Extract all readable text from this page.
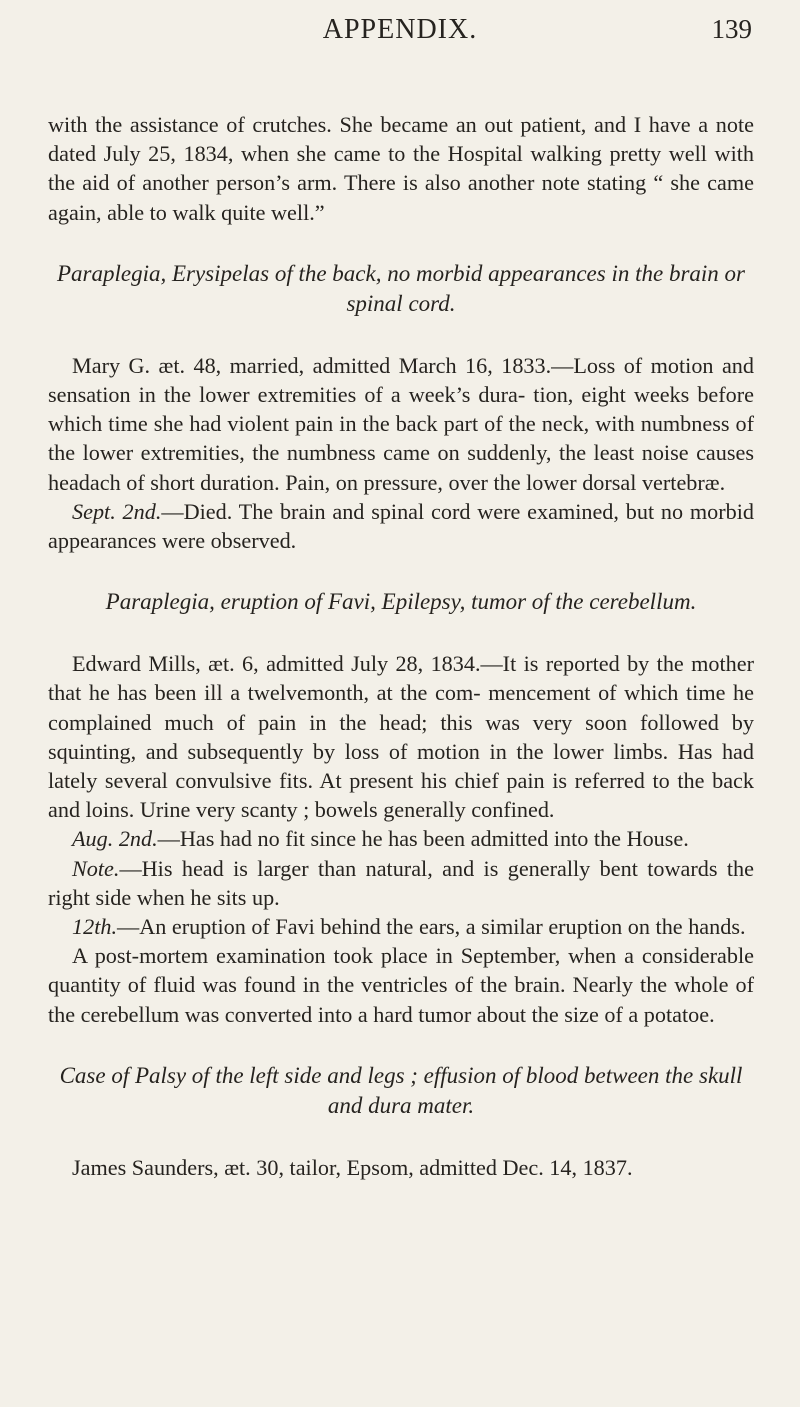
APPENDIX.	139

with the assistance of crutches. She became an out patient, and I have a note dated July 25, 1834, when she came to the Hospital walking pretty well with the aid of another person’s arm. There is also another note stating “ she came again, able to walk quite well.”

Paraplegia, Erysipelas of the back, no morbid appearances in the brain or spinal cord.

Mary G. æt. 48, married, admitted March 16, 1833.—Loss of motion and sensation in the lower extremities of a week’s dura- tion, eight weeks before which time she had violent pain in the back part of the neck, with numbness of the lower extremities, the numbness came on suddenly, the least noise causes headach of short duration. Pain, on pressure, over the lower dorsal vertebræ.

Sept. 2nd.—Died. The brain and spinal cord were examined, but no morbid appearances were observed.

Paraplegia, eruption of Favi, Epilepsy, tumor of the cerebellum.

Edward Mills, æt. 6, admitted July 28, 1834.—It is reported by the mother that he has been ill a twelvemonth, at the com- mencement of which time he complained much of pain in the head; this was very soon followed by squinting, and subsequently by loss of motion in the lower limbs. Has had lately several convulsive fits. At present his chief pain is referred to the back and loins. Urine very scanty ; bowels generally confined.

Aug. 2nd.—Has had no fit since he has been admitted into the House.

Note.—His head is larger than natural, and is generally bent towards the right side when he sits up.

12th.—An eruption of Favi behind the ears, a similar eruption on the hands.

A post-mortem examination took place in September, when a considerable quantity of fluid was found in the ventricles of the brain. Nearly the whole of the cerebellum was converted into a hard tumor about the size of a potatoe.

Case of Palsy of the left side and legs ; effusion of blood between the skull and dura mater.

James Saunders, æt. 30, tailor, Epsom, admitted Dec. 14, 1837.
